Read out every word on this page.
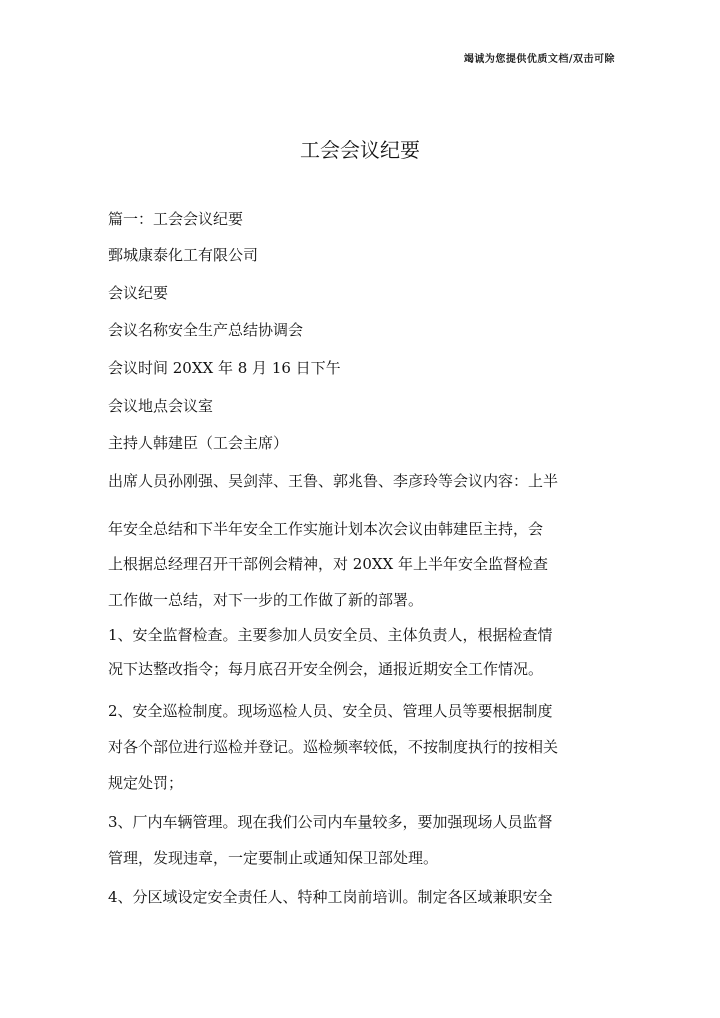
竭诚为您提供优质文档/双击可除
工会会议纪要
篇一：工会会议纪要
鄄城康泰化工有限公司
会议纪要
会议名称安全生产总结协调会
会议时间 20XX 年 8 月 16 日下午
会议地点会议室
主持人韩建臣（工会主席）
出席人员孙刚强、吴剑萍、王鲁、郭兆鲁、李彦玲等会议内容：上半
年安全总结和下半年安全工作实施计划本次会议由韩建臣主持，会
上根据总经理召开干部例会精神，对 20XX 年上半年安全监督检查
工作做一总结，对下一步的工作做了新的部署。
1、安全监督检查。主要参加人员安全员、主体负责人，根据检查情
况下达整改指令；每月底召开安全例会，通报近期安全工作情况。
2、安全巡检制度。现场巡检人员、安全员、管理人员等要根据制度
对各个部位进行巡检并登记。巡检频率较低，不按制度执行的按相关
规定处罚；
3、厂内车辆管理。现在我们公司内车量较多，要加强现场人员监督
管理，发现违章，一定要制止或通知保卫部处理。
4、分区域设定安全责任人、特种工岗前培训。制定各区域兼职安全
